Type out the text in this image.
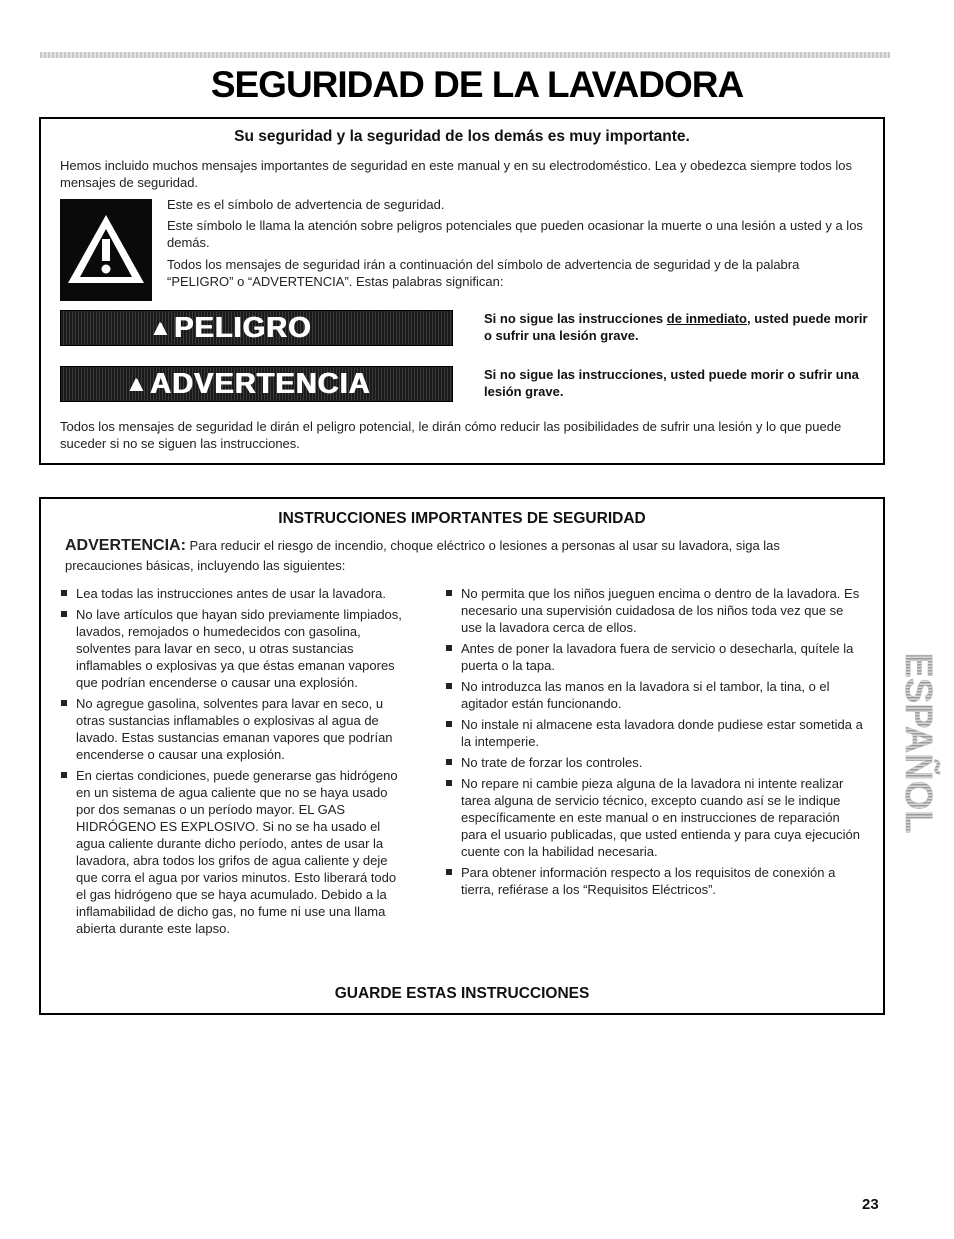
SEGURIDAD DE LA LAVADORA
Su seguridad y la seguridad de los demás es muy importante.
Hemos incluido muchos mensajes importantes de seguridad en este manual y en su electrodoméstico. Lea y obedezca siempre todos los mensajes de seguridad.
Este es el símbolo de advertencia de seguridad.
Este símbolo le llama la atención sobre peligros potenciales que pueden ocasionar la muerte o una lesión a usted y a los demás.
Todos los mensajes de seguridad irán a continuación del símbolo de advertencia de seguridad y de la palabra “PELIGRO” o “ADVERTENCIA”. Estas palabras significan:
▲ PELIGRO	Si no sigue las instrucciones de inmediato, usted puede morir o sufrir una lesión grave.
▲ ADVERTENCIA	Si no sigue las instrucciones, usted puede morir o sufrir una lesión grave.
Todos los mensajes de seguridad le dirán el peligro potencial, le dirán cómo reducir las posibilidades de sufrir una lesión y lo que puede suceder si no se siguen las instrucciones.
INSTRUCCIONES IMPORTANTES DE SEGURIDAD
ADVERTENCIA: Para reducir el riesgo de incendio, choque eléctrico o lesiones a personas al usar su lavadora, siga las
precauciones básicas, incluyendo las siguientes:
Lea todas las instrucciones antes de usar la lavadora.
No lave artículos que hayan sido previamente limpiados, lavados, remojados o humedecidos con gasolina, solventes para lavar en seco, u otras sustancias inflamables o explosivas ya que éstas emanan vapores que podrían encenderse o causar una explosión.
No agregue gasolina, solventes para lavar en seco, u otras sustancias inflamables o explosivas al agua de lavado. Estas sustancias emanan vapores que podrían encenderse o causar una explosión.
En ciertas condiciones, puede generarse gas hidrógeno en un sistema de agua caliente que no se haya usado por dos semanas o un período mayor. EL GAS HIDRÓGENO ES EXPLOSIVO. Si no se ha usado el agua caliente durante dicho período, antes de usar la lavadora, abra todos los grifos de agua caliente y deje que corra el agua por varios minutos. Esto liberará todo el gas hidrógeno que se haya acumulado. Debido a la inflamabilidad de dicho gas, no fume ni use una llama abierta durante este lapso.
No permita que los niños jueguen encima o dentro de la lavadora. Es necesario una supervisión cuidadosa de los niños toda vez que se use la lavadora cerca de ellos.
Antes de poner la lavadora fuera de servicio o desecharla, quítele la puerta o la tapa.
No introduzca las manos en la lavadora si el tambor, la tina, o el agitador están funcionando.
No instale ni almacene esta lavadora donde pudiese estar sometida a la intemperie.
No trate de forzar los controles.
No repare ni cambie pieza alguna de la lavadora ni intente realizar tarea alguna de servicio técnico, excepto cuando así se le indique específicamente en este manual o en instrucciones de reparación para el usuario publicadas, que usted entienda y para cuya ejecución cuente con la habilidad necesaria.
Para obtener información respecto a los requisitos de conexión a tierra, refiérase a los “Requisitos Eléctricos”.
GUARDE ESTAS INSTRUCCIONES
ESPAÑOL
23
